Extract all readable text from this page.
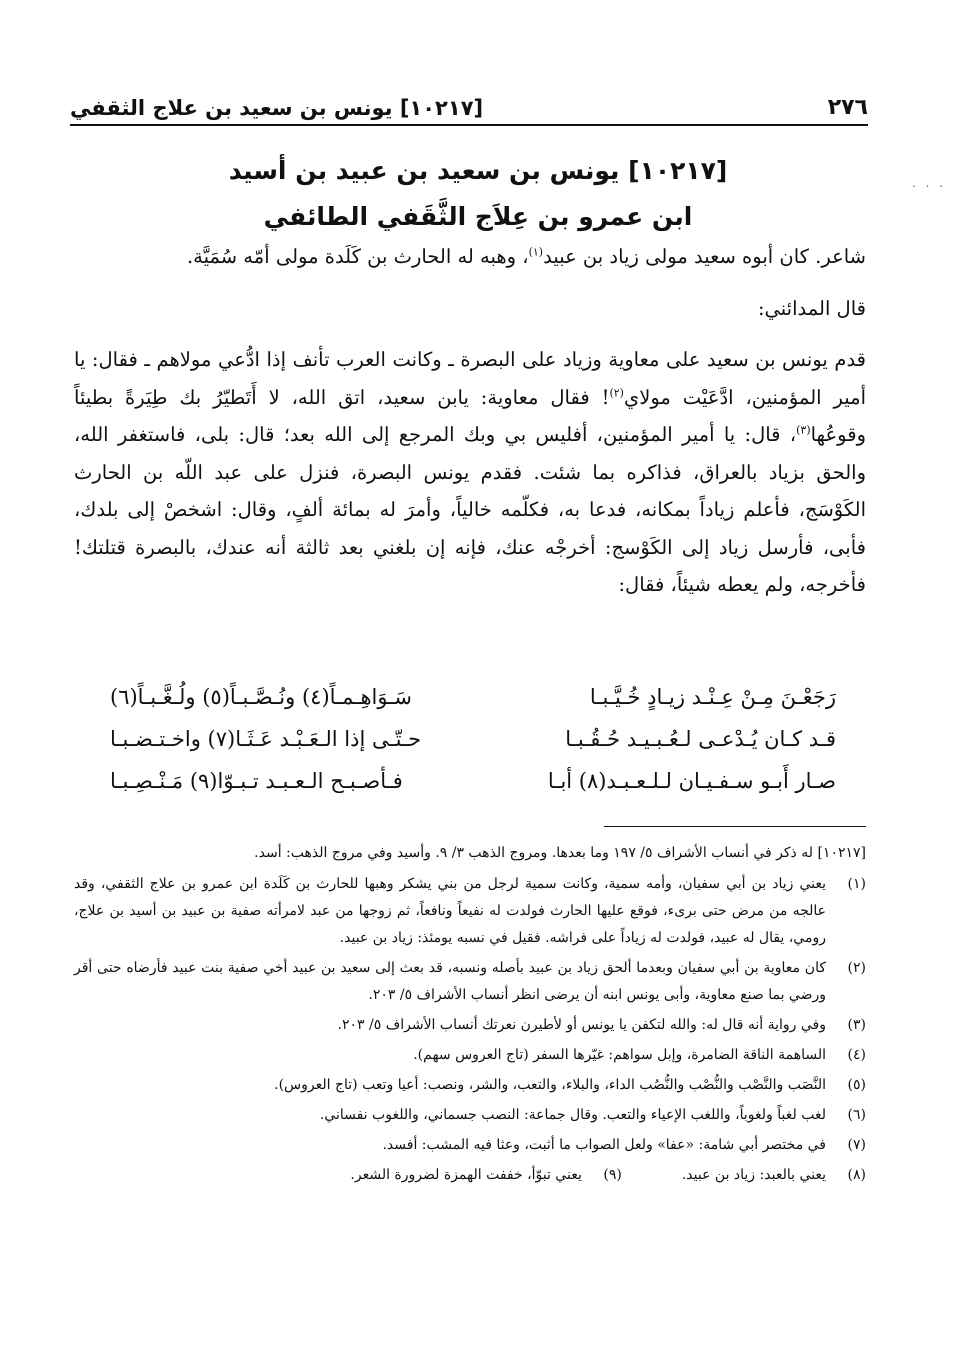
٢٧٦
[١٠٢١٧] يونس بن سعيد بن علاج الثقفي
. . .
[١٠٢١٧] يونس بن سعيد بن عبيد بن أسيد
ابن عمرو بن عِلاَج الثَّقَفي الطائفي

شاعر. كان أبوه سعيد مولى زياد بن عبيد$^{(١)}$، وهبه له الحارث بن كَلَدة مولى أمّه سُمَيَّة.

قال المدائني:

قدم يونس بن سعيد على معاوية وزياد على البصرة ـ وكانت العرب تأنف إذا ادُّعي مولاهم ـ فقال: يا أمير المؤمنين، ادَّعَيْت مولاي$^{(٢)}$! فقال معاوية: يابن سعيد، اتق الله، لا أَتَطيّرُ بك طِيَرةً بطيئاً وقوعُها$^{(٣)}$، قال: يا أمير المؤمنين، أفليس بي وبك المرجع إلى الله بعد؛ قال: بلى، فاستغفر الله، والحق بزياد بالعراق، فذاكره بما شئت. فقدم يونس البصرة، فنزل على عبد اللّه بن الحارث الكَوْسَج، فأعلم زياداً بمكانه، فدعا به، فكلّمه خالياً، وأمرَ له بمائة ألفٍ، وقال: اشخصْ إلى بلدك، فأبى، فأرسل زياد إلى الكَوْسج: أخرجْه عنك، فإنه إن بلغني بعد ثالثة أنه عندك، بالبصرة قتلتك! فأخرجه، ولم يعطه شيئاً، فقال:

رَجَعْـنَ مِـنْ عِـنْـد زيـادٍ خُـيَّـبـا
سَـوَاهِـمـاً(٤) ونُـصَّـبـاً(٥) ولُـغَّـبـاً(٦)
قـد كـان يُـدْعـى لـعُـبـيـد حُـقُـبـا
حـتّـى إذا الـعَـبْـد عَـثَـا(٧) واخـتـضـبـا
صـار أَبـو سـفـيـان لـلـعـبـد(٨) أبـا
فـأصـبـح الـعـبـد تـبـوّا(٩) مَـنْـصِـبـا

[١٠٢١٧] له ذكر في أنساب الأشراف ٥/ ١٩٧ وما بعدها. ومروج الذهب ٣/ ٩. وأسيد وفي مروج الذهب: أسد.

(١)
يعني زياد بن أبي سفيان، وأمه سمية، وكانت سمية لرجل من بني يشكر وهبها للحارث بن كَلَدة ابن عمرو بن علاج الثقفي، وقد عالجه من مرض حتى برىء، فوقع عليها الحارث فولدت له نفيعاً ونافعاً، ثم زوجها من عبد لامرأته صفية بن عبيد بن أسيد بن علاج، رومي، يقال له عبيد، فولدت له زياداً على فراشه. فقيل في نسبه يومئذ: زياد بن عبيد.
(٢)
كان معاوية بن أبي سفيان وبعدما ألحق زياد بن عبيد بأصله ونسبه، قد بعث إلى سعيد بن عبيد أخي صفية بنت عبيد فأرضاه حتى أقر ورضي بما صنع معاوية، وأبى يونس ابنه أن يرضى انظر أنساب الأشراف ٥/ ٢٠٣.
(٣)
وفي رواية أنه قال له: والله لتكفن يا يونس أو لأطيرن نعرتك أنساب الأشراف ٥/ ٢٠٣.
(٤)
الساهمة الناقة الضامرة، وإبل سواهم: غيّرها السفر (تاج العروس سهم).
(٥)
النَّصَب والنَّصْب والنُّصْب والنُّصُب الداء، والبلاء، والتعب، والشر، ونصب: أعيا وتعب (تاج العروس).
(٦)
لغب لغباً ولغوباً، واللغب الإعياء والتعب. وقال جماعة: النصب جسماني، واللغوب نفساني.
(٧)
في مختصر أبي شامة: «عفا» ولعل الصواب ما أثبت، وعثا فيه المشب: أفسد.
(٨)
يعني بالعبد: زياد بن عبيد.
(٩)
يعني تبوّأ، خففت الهمزة لضرورة الشعر.
